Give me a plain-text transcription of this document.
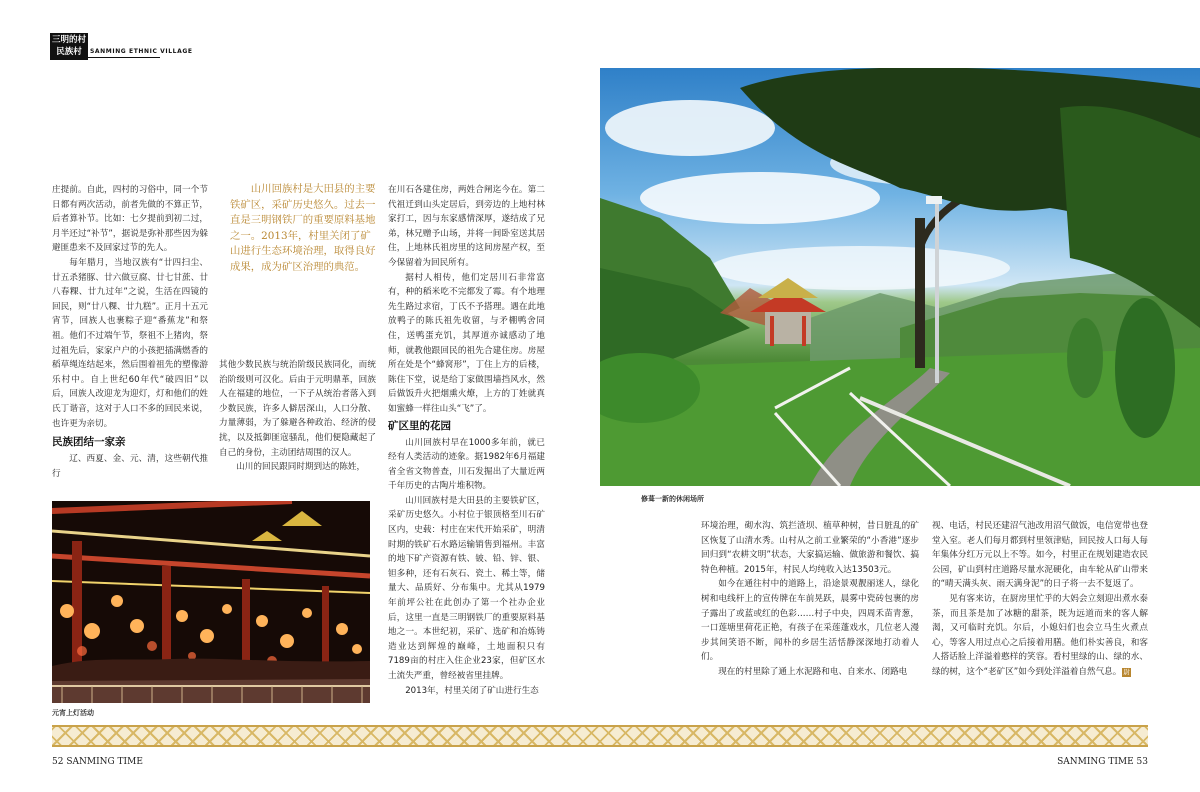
三明的村
民族村	SANMING ETHNIC VILLAGE

庄提前。自此，四村的习俗中，同一个节日都有两次活动，前者先做的不算正节，后者算补节。比如：七夕提前到初二过，月半还过“补节”，据说是弥补那些因为躲避匪患来不及回家过节的先人。

每年腊月，当地汉族有“廿四扫尘、廿五杀猪豚、廿六做豆腐、廿七甘蔗、廿八春粿、廿九过年”之说，生活在四镜的回民，则“廿八粿、廿九糕”。正月十五元宵节，回族人也裹粽子迎“番蕉龙”和祭祖。他们不过端午节，祭祖不上猪肉，祭过祖先后，家家户户的小孩把插满燃香的稻草绳连结起来，然后围着祖先的塑像游乐村中。自上世纪60年代“破四旧”以后，回族人改迎龙为迎灯，灯和他们的姓氏丁谐音，这对于人口不多的回民来说，也许更为亲切。

民族团结一家亲

辽、西夏、金、元、清，这些朝代推行

山川回族村是大田县的主要铁矿区，采矿历史悠久。过去一直是三明钢铁厂的重要原料基地之一。2013年，村里关闭了矿山进行生态环境治理，取得良好成果，成为矿区治理的典范。

其他少数民族与统治阶级民族同化，而统治阶级则可汉化。后由于元明鼎革，回族人在福建的地位，一下子从统治者落入到少数民族，许多人僻居深山，人口分散、力量薄弱，为了躲避各种政治、经济的侵扰，以及抵御匪寇骚乱，他们便隐藏起了自己的身份，主动团结周围的汉人。

山川的回民跟同时期到达的陈姓，

在川石各建住房，两姓合闸迄今在。第二代祖迁到山头定居后，到旁边的上地村林家打工，因与东家感情深厚，遂结成了兄弟，林兄赠予山场，并将一间卧室送其居住，上地林氏祖房里的这间房屋产权，至今保留着为回民所有。

据村人相传，他们定居川石非常富有，种的稻米吃不完都发了霉。有个地理先生路过求宿，丁氏不予搭理。遇在此地放鸭子的陈氏祖先收留，与矛棚鸭舍同住，送鸭蛋充饥，其厚道亦诚感动了地师，就教他跟回民的祖先合建住房。房屋所在处是个“蜂窝形”，丁住上方的后楼，陈住下堂，说是给丁家做围墙挡风水，然后做饭升火把烟熏火燎，上方的丁姓就真如蜜蜂一样往山头“飞”了。

矿区里的花园

山川回族村早在1000多年前，就已经有人类活动的迹象。据1982年6月福建省全省文物普查，川石发掘出了大量近两千年历史的古陶片堆积物。

山川回族村是大田县的主要铁矿区，采矿历史悠久。小村位于银顶格至川石矿区内，史载：村庄在宋代开始采矿，明清时期的铁矿石水路运输销售到福州。丰富的地下矿产资源有铁、铍、铅、锌、银、钽多种，还有石灰石、瓷土、稀土等，储量大、品质好、分布集中。尤其从1979年前坪公社在此创办了第一个社办企业后，这里一直是三明钢铁厂的重要原料基地之一。本世纪初，采矿、选矿和冶炼铸造业达到辉煌的巅峰，土地面积只有7189亩的村庄入住企业23家，但矿区水土流失严重，曾经被省里挂牌。

2013年，村里关闭了矿山进行生态

修葺一新的休闲场所
元宵上灯活动

环境治理，砌水沟、筑拦渣坝、植草种树，昔日脏乱的矿区恢复了山清水秀。山村从之前工业繁荣的“小香港”逐步回归到“农耕文明”状态，大家搞运输、做旅游和餐饮、搞特色种植。2015年，村民人均纯收入达13503元。

如今在通往村中的道路上，沿途景观靓丽迷人，绿化树和电线杆上的宣传牌在车前晃跃，晨雾中瓷砖包裹的房子露出了或蓝或红的色彩……村子中央，四周禾苗青葱，一口莲塘里荷花正艳，有孩子在采莲蓬戏水，几位老人漫步其间笑语不断，闻朴的乡居生活恬静深深地打动着人们。

现在的村里除了通上水泥路和电、自来水、闭路电

视、电话，村民还建沼气池改用沼气做饭，电信宽带也登堂入室。老人们每月都到村里领津贴，回民按人口每人每年集体分红万元以上不等。如今，村里正在规划建造农民公园，矿山到村庄道路尽量水泥硬化，由车轮从矿山带来的“晴天满头灰、雨天满身泥”的日子将一去不复返了。

见有客来访，在厨房里忙乎的大妈会立刻迎出煮水泰茶，而且茶是加了冰糖的甜茶，既为远道而来的客人解渴，又可临时充饥。尔后，小媳妇们也会立马生火煮点心，等客人用过点心之后接着用膳。他们朴实善良，和客人搭话脸上洋溢着憨样的笑容。看村里绿的山、绿的水、绿的树，这个“老矿区”如今到处洋溢着自然气息。 尉

52 SANMING TIME	SANMING TIME 53
